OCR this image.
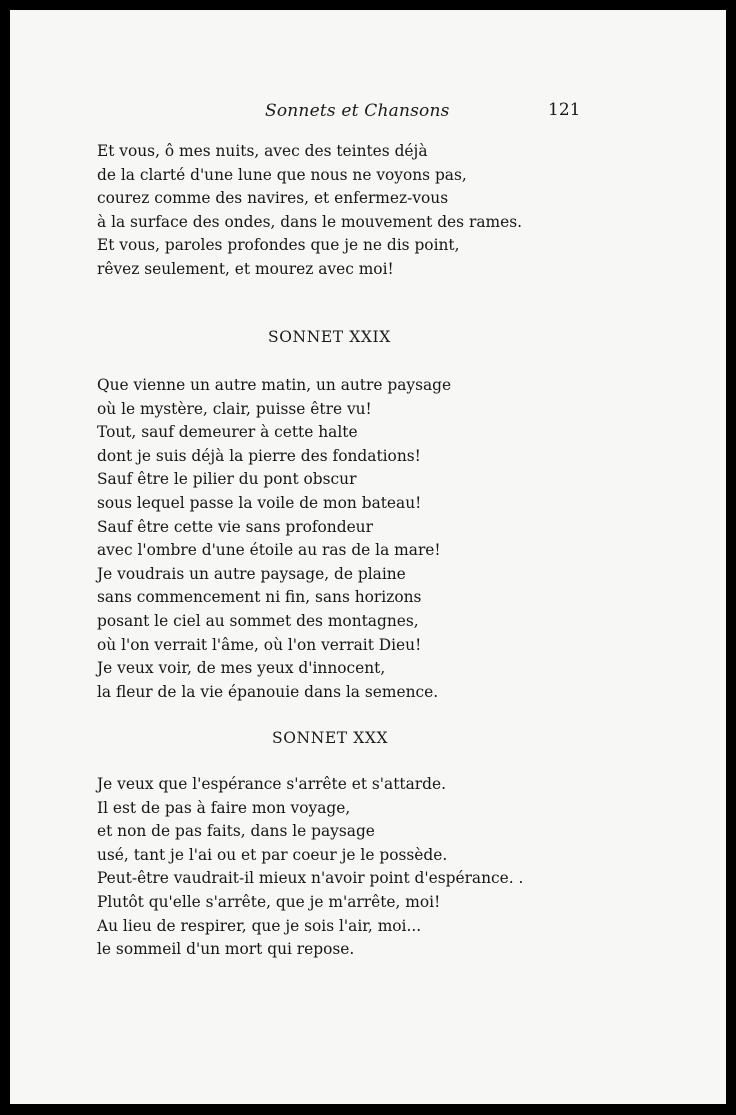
Sonnets et Chansons	121
Et vous, ô mes nuits, avec des teintes déjà
de la clarté d'une lune que nous ne voyons pas,
courez comme des navires, et enfermez-vous
à la surface des ondes, dans le mouvement des rames.
Et vous, paroles profondes que je ne dis point,
rêvez seulement, et mourez avec moi!
SONNET XXIX
Que vienne un autre matin, un autre paysage
où le mystère, clair, puisse être vu!
Tout, sauf demeurer à cette halte
dont je suis déjà la pierre des fondations!
Sauf être le pilier du pont obscur
sous lequel passe la voile de mon bateau!
Sauf être cette vie sans profondeur
avec l'ombre d'une étoile au ras de la mare!
Je voudrais un autre paysage, de plaine
sans commencement ni fin, sans horizons
posant le ciel au sommet des montagnes,
où l'on verrait l'âme, où l'on verrait Dieu!
Je veux voir, de mes yeux d'innocent,
la fleur de la vie épanouie dans la semence.
SONNET XXX
Je veux que l'espérance s'arrête et s'attarde.
Il est de pas à faire mon voyage,
et non de pas faits, dans le paysage
usé, tant je l'ai ou et par coeur je le possède.
Peut-être vaudrait-il mieux n'avoir point d'espérance. .
Plutôt qu'elle s'arrête, que je m'arrête, moi!
Au lieu de respirer, que je sois l'air, moi...
le sommeil d'un mort qui repose.
